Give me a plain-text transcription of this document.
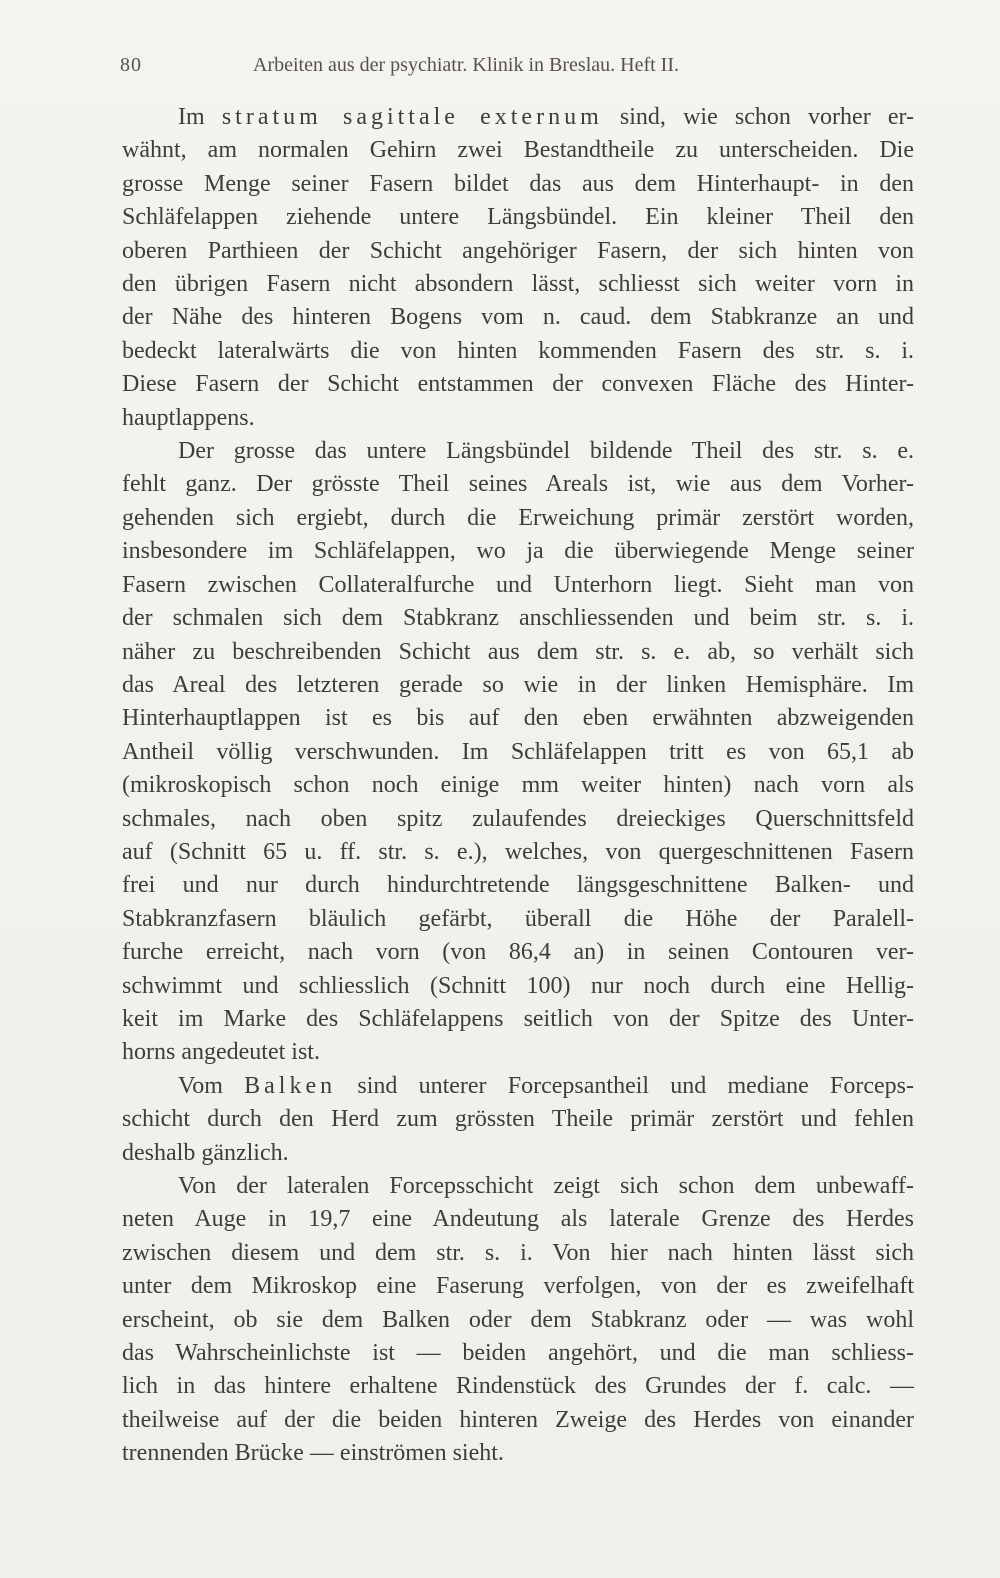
80	Arbeiten aus der psychiatr. Klinik in Breslau. Heft II.

Im stratum sagittale externum sind, wie schon vorher er-
wähnt, am normalen Gehirn zwei Bestandtheile zu unterscheiden. Die
grosse Menge seiner Fasern bildet das aus dem Hinterhaupt- in den
Schläfelappen ziehende untere Längsbündel. Ein kleiner Theil den
oberen Parthieen der Schicht angehöriger Fasern, der sich hinten von
den übrigen Fasern nicht absondern lässt, schliesst sich weiter vorn in
der Nähe des hinteren Bogens vom n. caud. dem Stabkranze an und
bedeckt lateralwärts die von hinten kommenden Fasern des str. s. i.
Diese Fasern der Schicht entstammen der convexen Fläche des Hinter-
hauptlappens.

Der grosse das untere Längsbündel bildende Theil des str. s. e.
fehlt ganz. Der grösste Theil seines Areals ist, wie aus dem Vorher-
gehenden sich ergiebt, durch die Erweichung primär zerstört worden,
insbesondere im Schläfelappen, wo ja die überwiegende Menge seiner
Fasern zwischen Collateralfurche und Unterhorn liegt. Sieht man von
der schmalen sich dem Stabkranz anschliessenden und beim str. s. i.
näher zu beschreibenden Schicht aus dem str. s. e. ab, so verhält sich
das Areal des letzteren gerade so wie in der linken Hemisphäre. Im
Hinterhauptlappen ist es bis auf den eben erwähnten abzweigenden
Antheil völlig verschwunden. Im Schläfelappen tritt es von 65,1 ab
(mikroskopisch schon noch einige mm weiter hinten) nach vorn als
schmales, nach oben spitz zulaufendes dreieckiges Querschnittsfeld
auf (Schnitt 65 u. ff. str. s. e.), welches, von quergeschnittenen Fasern
frei und nur durch hindurchtretende längsgeschnittene Balken- und
Stabkranzfasern bläulich gefärbt, überall die Höhe der Paralell-
furche erreicht, nach vorn (von 86,4 an) in seinen Contouren ver-
schwimmt und schliesslich (Schnitt 100) nur noch durch eine Hellig-
keit im Marke des Schläfelappens seitlich von der Spitze des Unter-
horns angedeutet ist.

Vom Balken sind unterer Forcepsantheil und mediane Forceps-
schicht durch den Herd zum grössten Theile primär zerstört und fehlen
deshalb gänzlich.

Von der lateralen Forcepsschicht zeigt sich schon dem unbewaff-
neten Auge in 19,7 eine Andeutung als laterale Grenze des Herdes
zwischen diesem und dem str. s. i. Von hier nach hinten lässt sich
unter dem Mikroskop eine Faserung verfolgen, von der es zweifelhaft
erscheint, ob sie dem Balken oder dem Stabkranz oder — was wohl
das Wahrscheinlichste ist — beiden angehört, und die man schliess-
lich in das hintere erhaltene Rindenstück des Grundes der f. calc. —
theilweise auf der die beiden hinteren Zweige des Herdes von einander
trennenden Brücke — einströmen sieht.
